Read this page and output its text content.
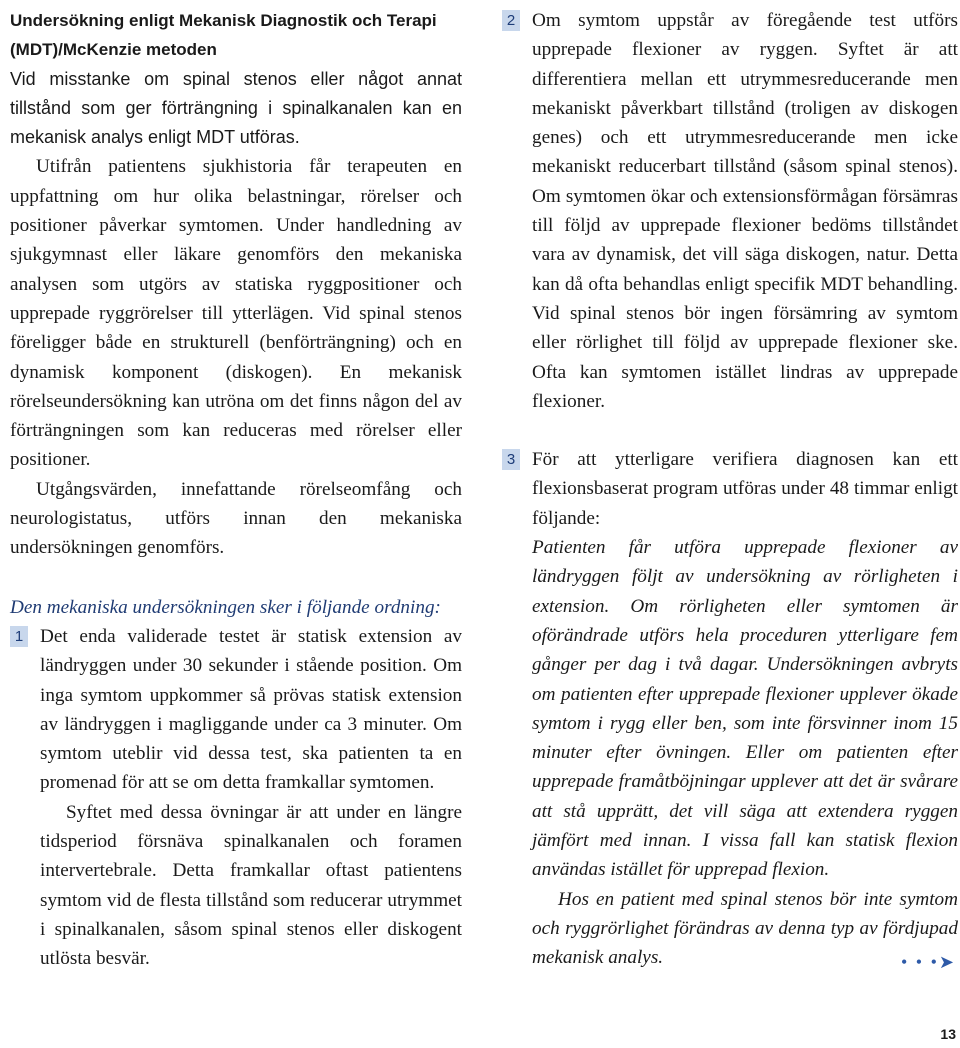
Undersökning enligt Mekanisk Diagnostik och Terapi

(MDT)/McKenzie metoden

Vid misstanke om spinal stenos eller något annat tillstånd som ger förträngning i spinalkanalen kan en mekanisk analys enligt MDT utföras.

Utifrån patientens sjukhistoria får terapeuten en uppfattning om hur olika belastningar, rörelser och positioner påverkar symtomen. Under handledning av sjukgymnast eller läkare genomförs den mekaniska analysen som utgörs av statiska ryggpositioner och upprepade ryggrörelser till ytterlägen. Vid spinal stenos föreligger både en strukturell (benförträngning) och en dynamisk komponent (diskogen). En mekanisk rörelseundersökning kan utröna om det finns någon del av förträngningen som kan reduceras med rörelser eller positioner.

Utgångsvärden, innefattande rörelseomfång och neurologistatus, utförs innan den mekaniska undersökningen genomförs.

Den mekaniska undersökningen sker i följande ordning:

1 Det enda validerade testet är statisk extension av ländryggen under 30 sekunder i stående position. Om inga symtom uppkommer så prövas statisk extension av ländryggen i magliggande under ca 3 minuter. Om symtom uteblir vid dessa test, ska patienten ta en promenad för att se om detta framkallar symtomen.

Syftet med dessa övningar är att under en längre tidsperiod försnäva spinalkanalen och foramen intervertebrale. Detta framkallar oftast patientens symtom vid de flesta tillstånd som reducerar utrymmet i spinalkanalen, såsom spinal stenos eller diskogent utlösta besvär.

2 Om symtom uppstår av föregående test utförs upprepade flexioner av ryggen. Syftet är att differentiera mellan ett utrymmesreducerande men mekaniskt påverkbart tillstånd (troligen av diskogen genes) och ett utrymmesreducerande men icke mekaniskt reducerbart tillstånd (såsom spinal stenos). Om symtomen ökar och extensionsförmågan försämras till följd av upprepade flexioner bedöms tillståndet vara av dynamisk, det vill säga diskogen, natur. Detta kan då ofta behandlas enligt specifik MDT behandling. Vid spinal stenos bör ingen försämring av symtom eller rörlighet till följd av upprepade flexioner ske. Ofta kan symtomen istället lindras av upprepade flexioner.

3 För att ytterligare verifiera diagnosen kan ett flexionsbaserat program utföras under 48 timmar enligt följande:

Patienten får utföra upprepade flexioner av ländryggen följt av undersökning av rörligheten i extension. Om rörligheten eller symtomen är oförändrade utförs hela proceduren ytterligare fem gånger per dag i två dagar. Undersökningen avbryts om patienten efter upprepade flexioner upplever ökade symtom i rygg eller ben, som inte försvinner inom 15 minuter efter övningen. Eller om patienten efter upprepade framåtböjningar upplever att det är svårare att stå upprätt, det vill säga att extendera ryggen jämfört med innan. I vissa fall kan statisk flexion användas istället för upprepad flexion.

Hos en patient med spinal stenos bör inte symtom och ryggrörlighet förändras av denna typ av fördjupad mekanisk analys.	• • •➤
13
